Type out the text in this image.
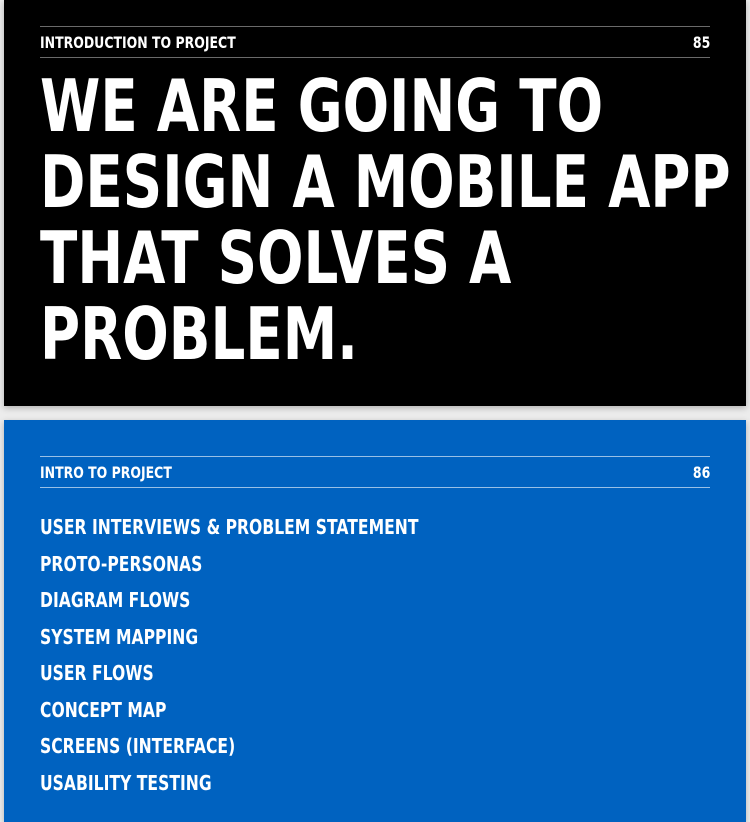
INTRODUCTION TO PROJECT	85
WE ARE GOING TO
DESIGN A MOBILE APP
THAT SOLVES A
PROBLEM.
INTRO TO PROJECT	86
USER INTERVIEWS & PROBLEM STATEMENT
PROTO-PERSONAS
DIAGRAM FLOWS
SYSTEM MAPPING
USER FLOWS
CONCEPT MAP
SCREENS (INTERFACE)
USABILITY TESTING
